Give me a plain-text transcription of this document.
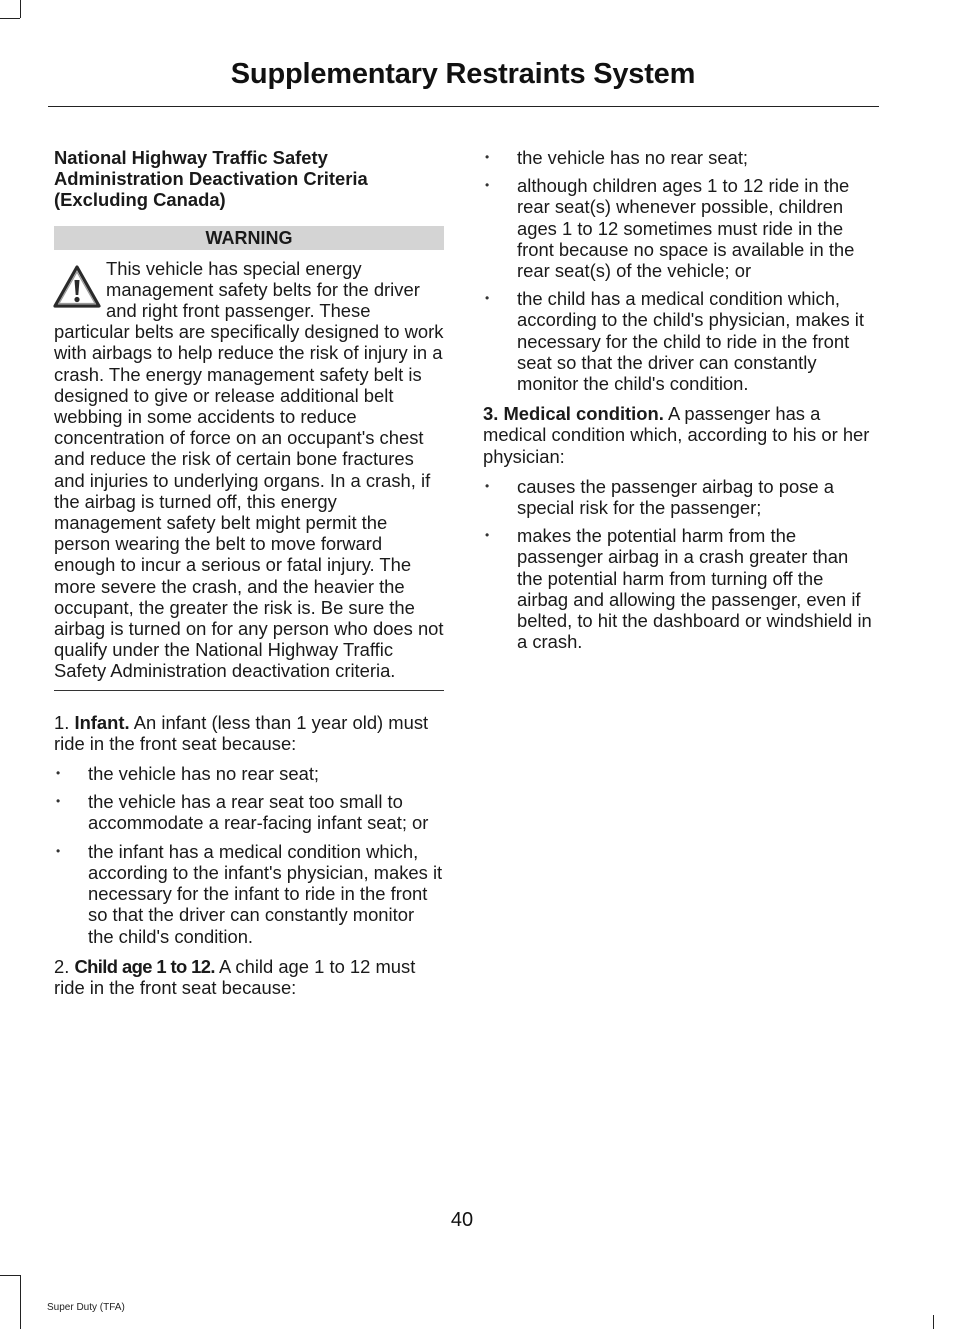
Supplementary Restraints System
National Highway Traffic Safety Administration Deactivation Criteria (Excluding Canada)
WARNING

This vehicle has special energy management safety belts for the driver and right front passenger. These particular belts are specifically designed to work with airbags to help reduce the risk of injury in a crash. The energy management safety belt is designed to give or release additional belt webbing in some accidents to reduce concentration of force on an occupant's chest and reduce the risk of certain bone fractures and injuries to underlying organs. In a crash, if the airbag is turned off, this energy management safety belt might permit the person wearing the belt to move forward enough to incur a serious or fatal injury. The more severe the crash, and the heavier the occupant, the greater the risk is. Be sure the airbag is turned on for any person who does not qualify under the National Highway Traffic Safety Administration deactivation criteria.

1. Infant. An infant (less than 1 year old) must ride in the front seat because:

• the vehicle has no rear seat;
• the vehicle has a rear seat too small to accommodate a rear-facing infant seat; or
• the infant has a medical condition which, according to the infant's physician, makes it necessary for the infant to ride in the front so that the driver can constantly monitor the child's condition.

2. Child age 1 to 12. A child age 1 to 12 must ride in the front seat because:

• the vehicle has no rear seat;
• although children ages 1 to 12 ride in the rear seat(s) whenever possible, children ages 1 to 12 sometimes must ride in the front because no space is available in the rear seat(s) of the vehicle; or
• the child has a medical condition which, according to the child's physician, makes it necessary for the child to ride in the front seat so that the driver can constantly monitor the child's condition.

3. Medical condition. A passenger has a medical condition which, according to his or her physician:

• causes the passenger airbag to pose a special risk for the passenger;
• makes the potential harm from the passenger airbag in a crash greater than the potential harm from turning off the airbag and allowing the passenger, even if belted, to hit the dashboard or windshield in a crash.
40
Super Duty (TFA)
